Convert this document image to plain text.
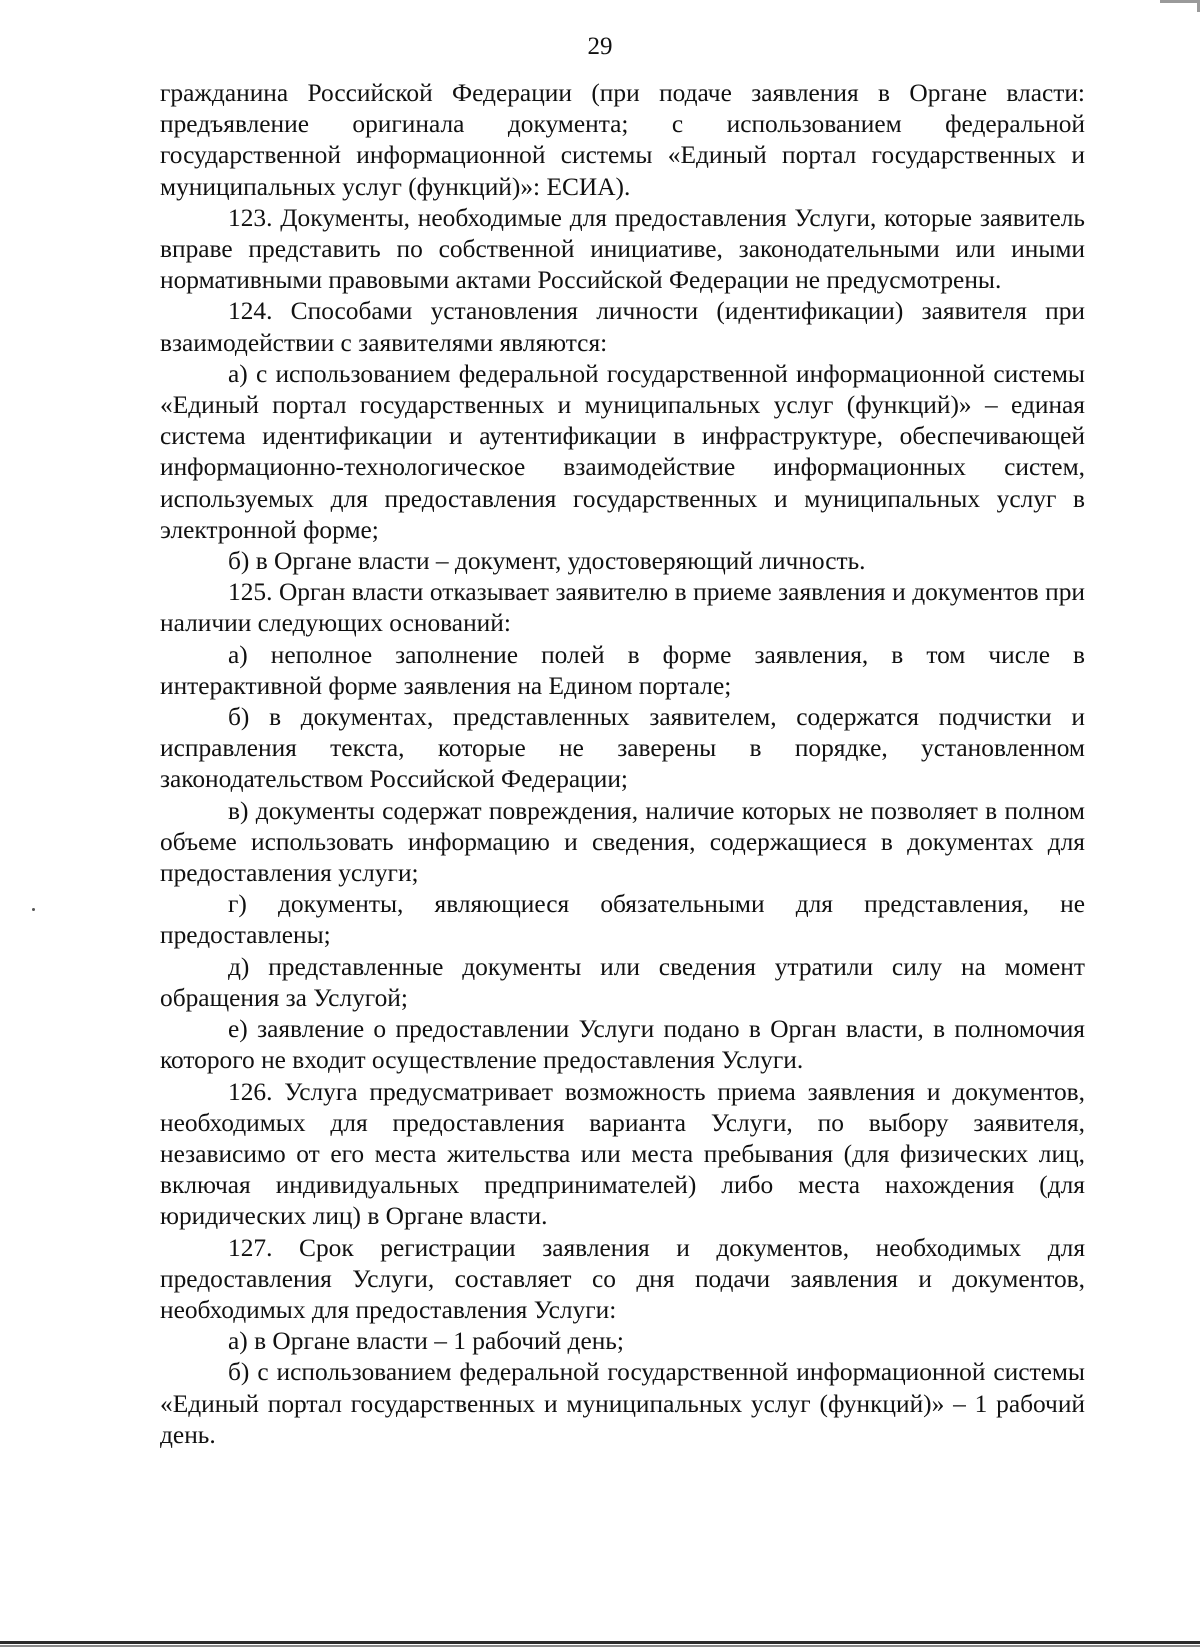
29

гражданина Российской Федерации (при подаче заявления в Органе власти: предъявление оригинала документа; с использованием федеральной государственной информационной системы «Единый портал государственных и муниципальных услуг (функций)»: ЕСИА).

123. Документы, необходимые для предоставления Услуги, которые заявитель вправе представить по собственной инициативе, законодательными или иными нормативными правовыми актами Российской Федерации не предусмотрены.

124. Способами установления личности (идентификации) заявителя при взаимодействии с заявителями являются:

а) с использованием федеральной государственной информационной системы «Единый портал государственных и муниципальных услуг (функций)» – единая система идентификации и аутентификации в инфраструктуре, обеспечивающей информационно-технологическое взаимодействие информационных систем, используемых для предоставления государственных и муниципальных услуг в электронной форме;

б) в Органе власти – документ, удостоверяющий личность.

125. Орган власти отказывает заявителю в приеме заявления и документов при наличии следующих оснований:

а) неполное заполнение полей в форме заявления, в том числе в интерактивной форме заявления на Едином портале;

б) в документах, представленных заявителем, содержатся подчистки и исправления текста, которые не заверены в порядке, установленном законодательством Российской Федерации;

в) документы содержат повреждения, наличие которых не позволяет в полном объеме использовать информацию и сведения, содержащиеся в документах для предоставления услуги;

г) документы, являющиеся обязательными для представления, не предоставлены;

д) представленные документы или сведения утратили силу на момент обращения за Услугой;

е) заявление о предоставлении Услуги подано в Орган власти, в полномочия которого не входит осуществление предоставления Услуги.

126. Услуга предусматривает возможность приема заявления и документов, необходимых для предоставления варианта Услуги, по выбору заявителя, независимо от его места жительства или места пребывания (для физических лиц, включая индивидуальных предпринимателей) либо места нахождения (для юридических лиц) в Органе власти.

127. Срок регистрации заявления и документов, необходимых для предоставления Услуги, составляет со дня подачи заявления и документов, необходимых для предоставления Услуги:

а) в Органе власти – 1 рабочий день;

б) с использованием федеральной государственной информационной системы «Единый портал государственных и муниципальных услуг (функций)» – 1 рабочий день.
